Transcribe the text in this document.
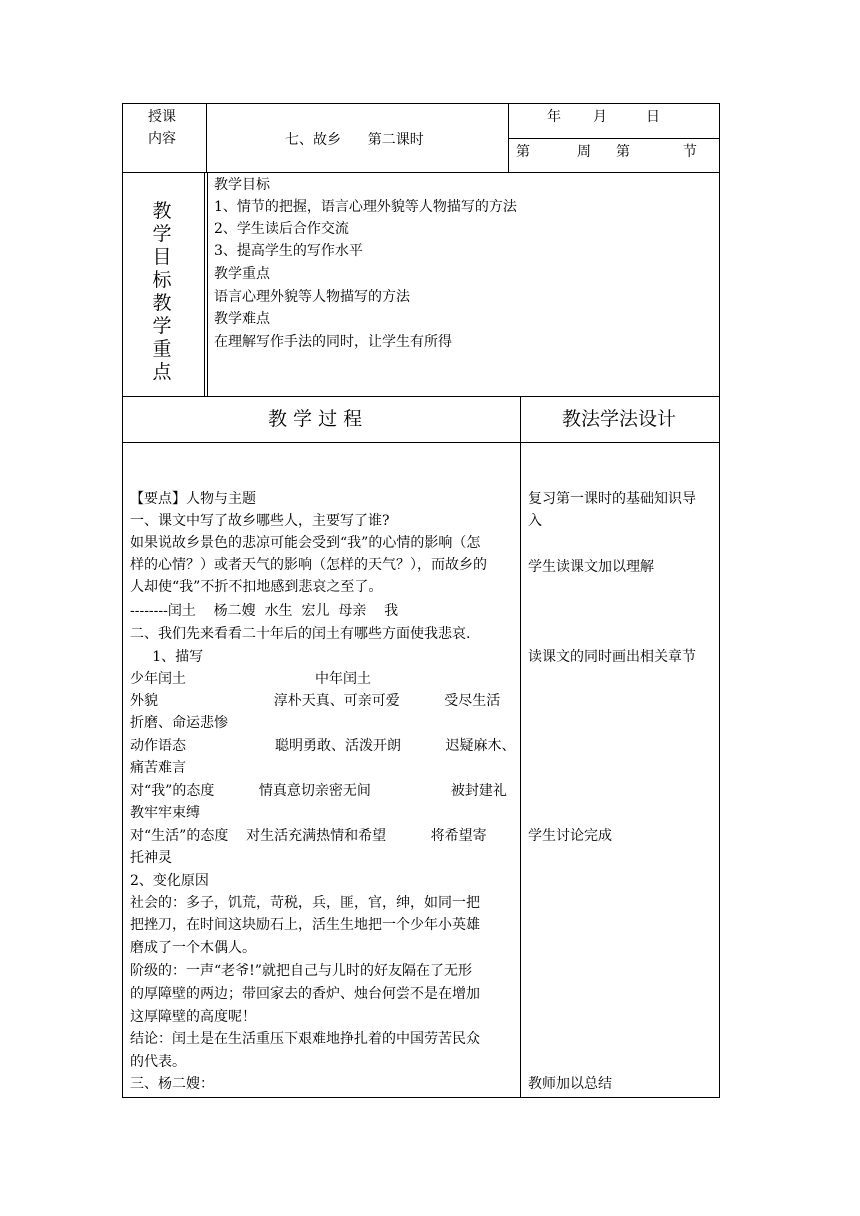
授课
内容	七、故乡      第二课时
年 月	日
第	周 第	节
教
学
目
标
教
学
重
点
教学目标
1、情节的把握，语言心理外貌等人物描写的方法
2、学生读后合作交流
3、提高学生的写作水平
教学重点
语言心理外貌等人物描写的方法
教学难点
在理解写作手法的同时，让学生有所得
教 学 过 程	教法学法设计
【要点】人物与主题
一、课文中写了故乡哪些人，主要写了谁?
如果说故乡景色的悲凉可能会受到“我”的心情的影响（怎
样的心情？）或者天气的影响（怎样的天气？），而故乡的
人却使“我”不折不扣地感到悲哀之至了。
--------闰土    杨二嫂  水生  宏儿  母亲    我
二、我们先来看看二十年后的闰土有哪些方面使我悲哀.
1、描写
少年闰土                             中年闰土
外貌                          淳朴天真、可亲可爱          受尽生活
折磨、命运悲惨
动作语态                    聪明勇敢、活泼开朗          迟疑麻木、
痛苦难言
对“我”的态度          情真意切亲密无间                  被封建礼
教牢牢束缚
对“生活”的态度    对生活充满热情和希望          将希望寄
托神灵
2、变化原因
社会的：多子，饥荒，苛税，兵，匪，官，绅，如同一把
把挫刀，在时间这块励石上，活生生地把一个少年小英雄
磨成了一个木偶人。
阶级的：一声“老爷!”就把自己与儿时的好友隔在了无形
的厚障壁的两边；带回家去的香炉、烛台何尝不是在增加
这厚障壁的高度呢！
结论：闰土是在生活重压下艰难地挣扎着的中国劳苦民众
的代表。
三、杨二嫂：
复习第一课时的基础知识导
入
学生读课文加以理解
读课文的同时画出相关章节
学生讨论完成
教师加以总结
